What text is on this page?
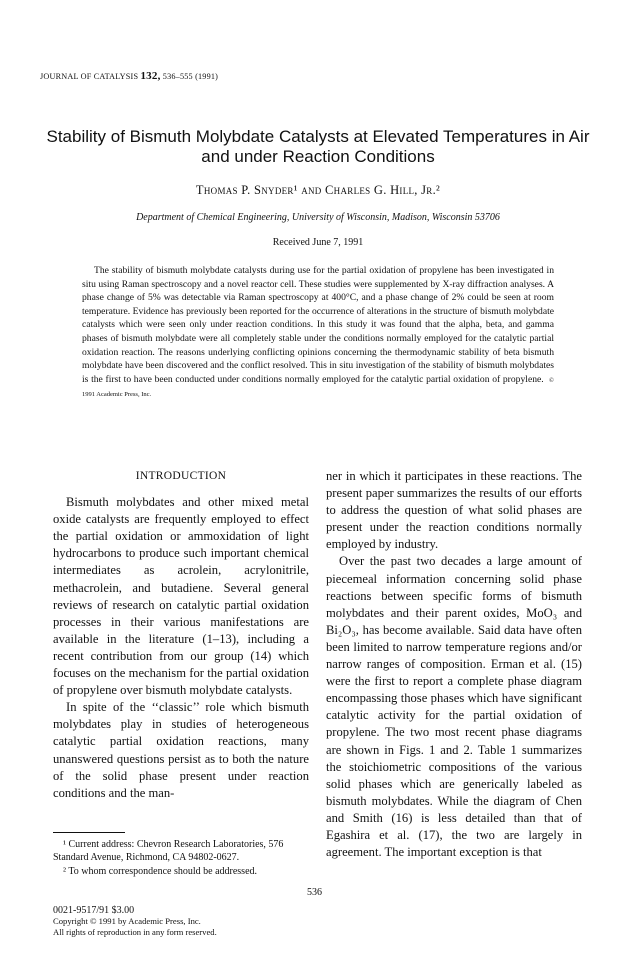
JOURNAL OF CATALYSIS 132, 536–555 (1991)
Stability of Bismuth Molybdate Catalysts at Elevated Temperatures in Air and under Reaction Conditions
Thomas P. Snyder¹ and Charles G. Hill, Jr.²
Department of Chemical Engineering, University of Wisconsin, Madison, Wisconsin 53706
Received June 7, 1991
The stability of bismuth molybdate catalysts during use for the partial oxidation of propylene has been investigated in situ using Raman spectroscopy and a novel reactor cell. These studies were supplemented by X-ray diffraction analyses. A phase change of 5% was detectable via Raman spectroscopy at 400°C, and a phase change of 2% could be seen at room temperature. Evidence has previously been reported for the occurrence of alterations in the structure of bismuth molybdate catalysts which were seen only under reaction conditions. In this study it was found that the alpha, beta, and gamma phases of bismuth molybdate were all completely stable under the conditions normally employed for the catalytic partial oxidation reaction. The reasons underlying conflicting opinions concerning the thermodynamic stability of beta bismuth molybdate have been discovered and the conflict resolved. This in situ investigation of the stability of bismuth molybdates is the first to have been conducted under conditions normally employed for the catalytic partial oxidation of propylene. © 1991 Academic Press, Inc.
INTRODUCTION

Bismuth molybdates and other mixed metal oxide catalysts are frequently employed to effect the partial oxidation or ammoxidation of light hydrocarbons to produce such important chemical intermediates as acrolein, acrylonitrile, methacrolein, and butadiene. Several general reviews of research on catalytic partial oxidation processes in their various manifestations are available in the literature (1–13), including a recent contribution from our group (14) which focuses on the mechanism for the partial oxidation of propylene over bismuth molybdate catalysts.

In spite of the ‘‘classic’’ role which bismuth molybdates play in studies of heterogeneous catalytic partial oxidation reactions, many unanswered questions persist as to both the nature of the solid phase present under reaction conditions and the man-

ner in which it participates in these reactions. The present paper summarizes the results of our efforts to address the question of what solid phases are present under the reaction conditions normally employed by industry.

Over the past two decades a large amount of piecemeal information concerning solid phase reactions between specific forms of bismuth molybdates and their parent oxides, MoO₃ and Bi₂O₃, has become available. Said data have often been limited to narrow temperature regions and/or narrow ranges of composition. Erman et al. (15) were the first to report a complete phase diagram encompassing those phases which have significant catalytic activity for the partial oxidation of propylene. The two most recent phase diagrams are shown in Figs. 1 and 2. Table 1 summarizes the stoichiometric compositions of the various solid phases which are generically labeled as bismuth molybdates. While the diagram of Chen and Smith (16) is less detailed than that of Egashira et al. (17), the two are largely in agreement. The important exception is that

¹ Current address: Chevron Research Laboratories, 576 Standard Avenue, Richmond, CA 94802-0627.

² To whom correspondence should be addressed.

536
0021-9517/91 $3.00
Copyright © 1991 by Academic Press, Inc.
All rights of reproduction in any form reserved.
